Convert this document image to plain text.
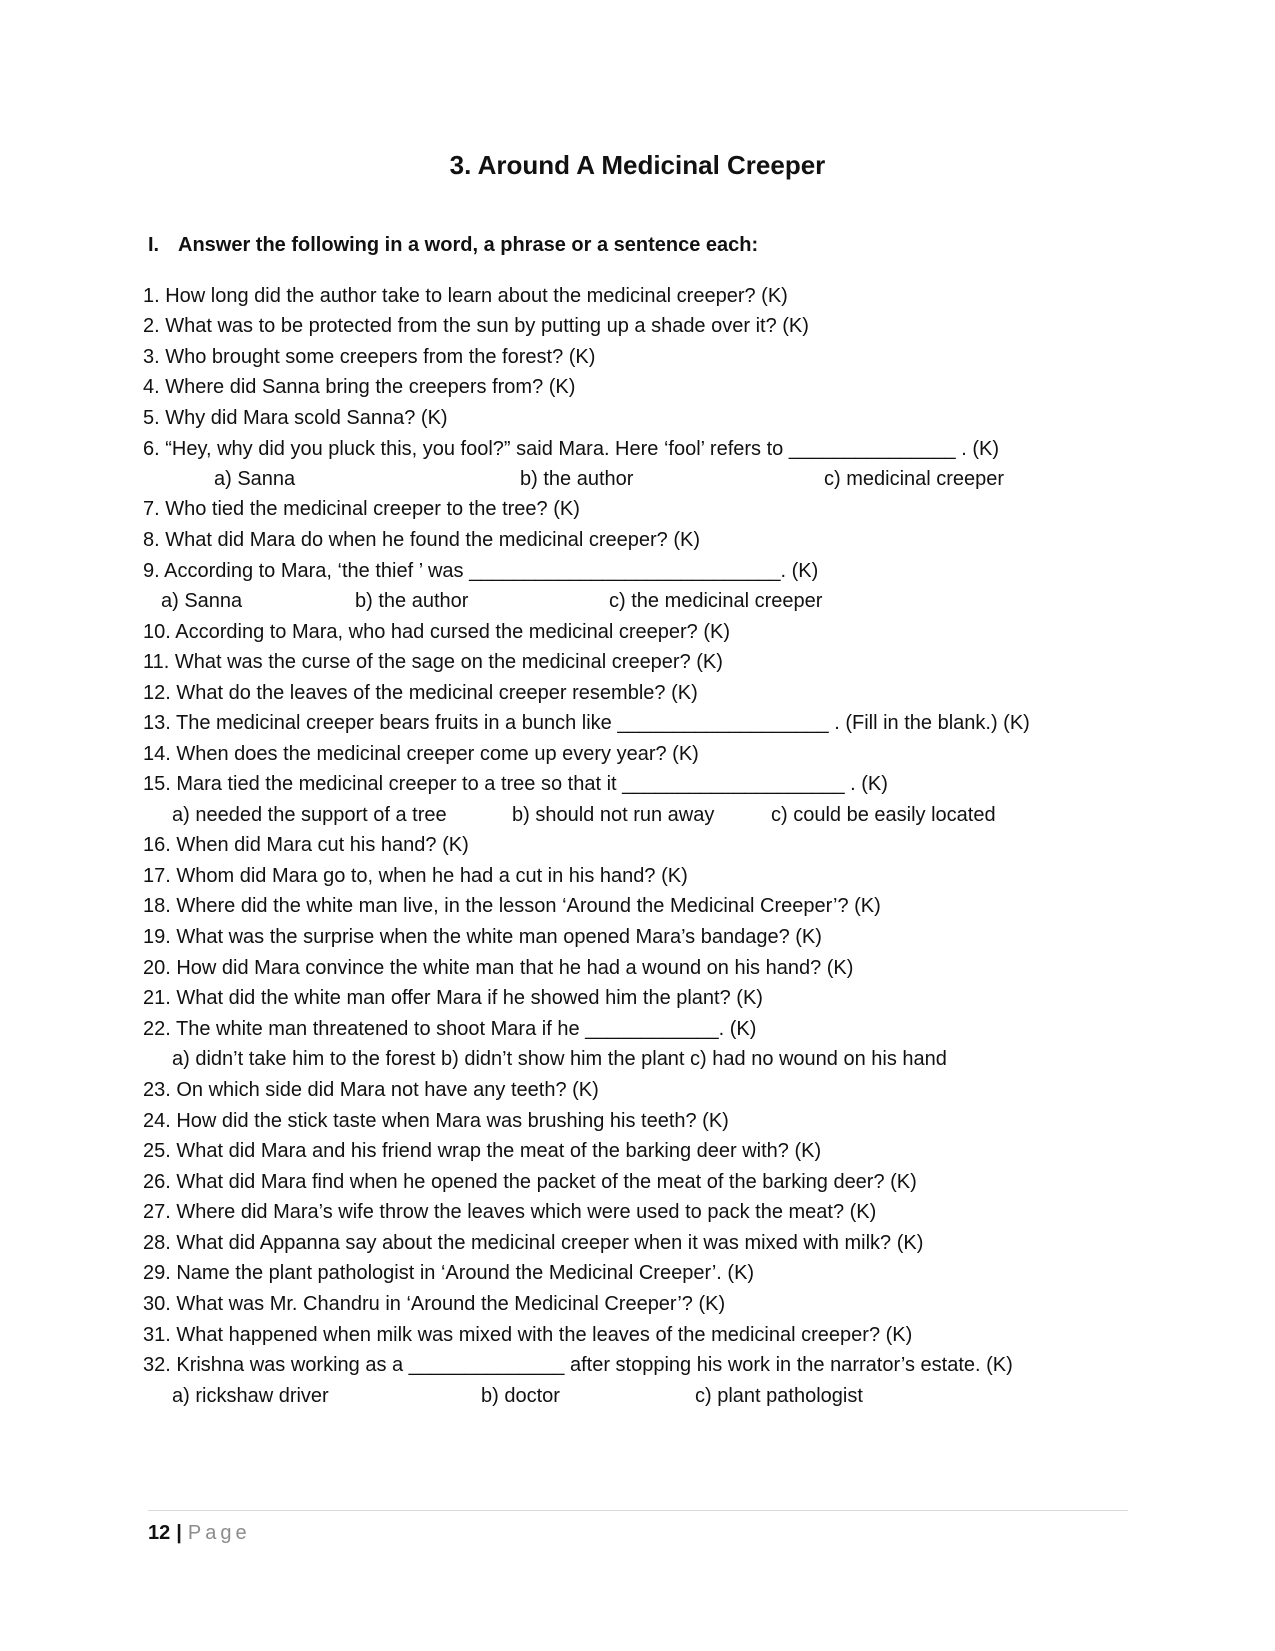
3. Around A Medicinal Creeper
I. Answer the following in a word, a phrase or a sentence each:
1. How long did the author take to learn about the medicinal creeper? (K)
2. What was to be protected from the sun by putting up a shade over it? (K)
3. Who brought some creepers from the forest? (K)
4. Where did Sanna bring the creepers from? (K)
5. Why did Mara scold Sanna? (K)
6. “Hey, why did you pluck this, you fool?” said Mara. Here ‘fool’ refers to _______________ . (K)
a) Sanna	b) the author	c) medicinal creeper
7. Who tied the medicinal creeper to the tree? (K)
8. What did Mara do when he found the medicinal creeper? (K)
9. According to Mara, ‘the thief ’ was ____________________________. (K)
a) Sanna	b) the author	c) the medicinal creeper
10. According to Mara, who had cursed the medicinal creeper? (K)
11. What was the curse of the sage on the medicinal creeper? (K)
12. What do the leaves of the medicinal creeper resemble? (K)
13. The medicinal creeper bears fruits in a bunch like ___________________ . (Fill in the blank.) (K)
14. When does the medicinal creeper come up every year? (K)
15. Mara tied the medicinal creeper to a tree so that it ____________________ . (K)
a) needed the support of a tree	b) should not run away	c) could be easily located
16. When did Mara cut his hand? (K)
17. Whom did Mara go to, when he had a cut in his hand? (K)
18. Where did the white man live, in the lesson ‘Around the Medicinal Creeper’? (K)
19. What was the surprise when the white man opened Mara’s bandage? (K)
20. How did Mara convince the white man that he had a wound on his hand? (K)
21. What did the white man offer Mara if he showed him the plant? (K)
22. The white man threatened to shoot Mara if he ____________. (K)
a) didn’t take him to the forest b) didn’t show him the plant c) had no wound on his hand
23. On which side did Mara not have any teeth? (K)
24. How did the stick taste when Mara was brushing his teeth? (K)
25. What did Mara and his friend wrap the meat of the barking deer with? (K)
26. What did Mara find when he opened the packet of the meat of the barking deer? (K)
27. Where did Mara’s wife throw the leaves which were used to pack the meat? (K)
28. What did Appanna say about the medicinal creeper when it was mixed with milk? (K)
29. Name the plant pathologist in ‘Around the Medicinal Creeper’. (K)
30. What was Mr. Chandru in ‘Around the Medicinal Creeper’? (K)
31. What happened when milk was mixed with the leaves of the medicinal creeper? (K)
32. Krishna was working as a ______________ after stopping his work in the narrator’s estate. (K)
a) rickshaw driver	b) doctor	c) plant pathologist
12 | Page
